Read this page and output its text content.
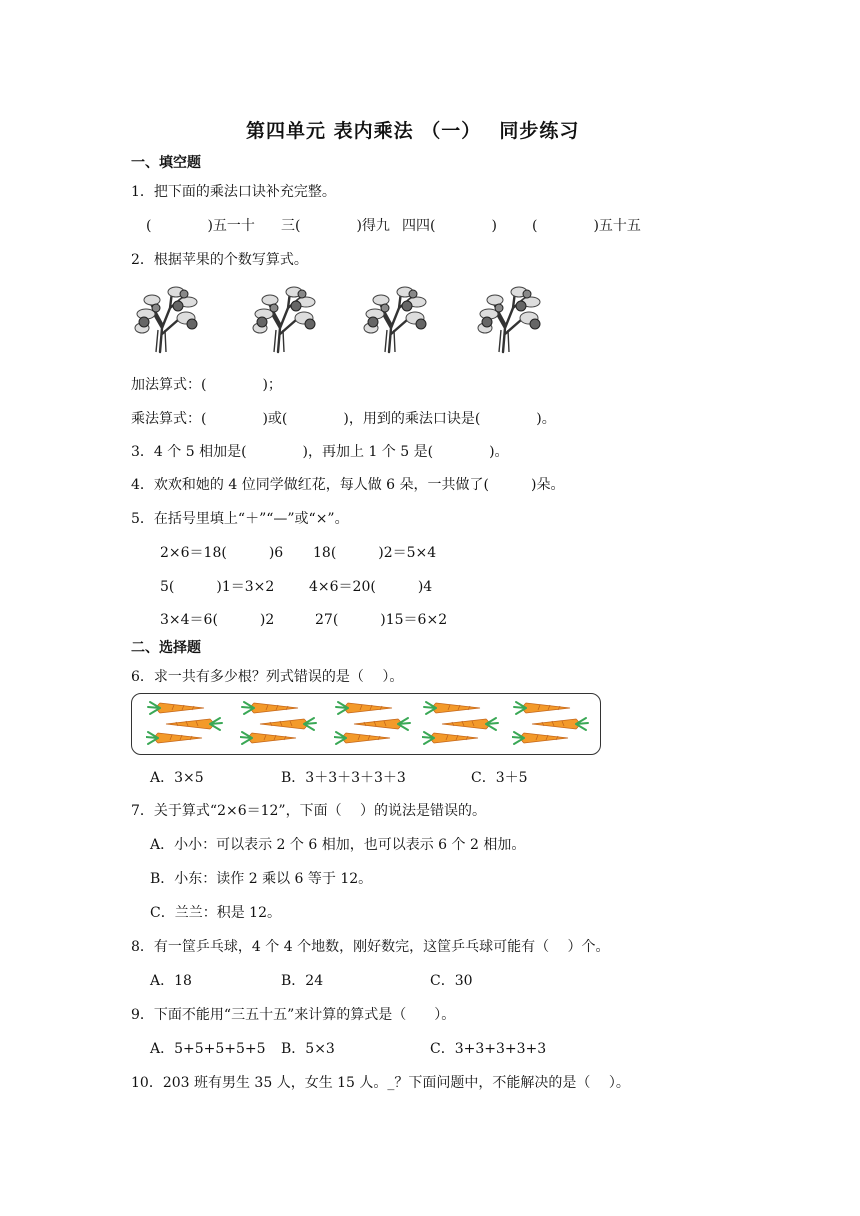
第四单元 表内乘法 （一）　 同步练习
一、填空题
1．把下面的乘法口诀补充完整。
(　　　　)五一十 三(　　　　)得九 四四(　　　　)	(　　　　)五十五
2．根据苹果的个数写算式。
加法算式：(　　　　)；
乘法算式：(　　　　)或(　　　　)，用到的乘法口诀是(　　　　)。
3．4 个 5 相加是(　　　　)，再加上 1 个 5 是(　　　　)。
4．欢欢和她的 4 位同学做红花，每人做 6 朵，一共做了(　　　)朵。
5．在括号里填上“＋”“—”或“×”。
2×6＝18(　　　)6 18(　　　)2＝5×4
5(　　　)1＝3×2 4×6＝20(　　　)4
3×4＝6(　　　)2	27(　　　)15＝6×2
二、选择题
6．求一共有多少根？列式错误的是（　 ）。
A．3×5	B．3＋3＋3＋3＋3	C．3＋5
7．关于算式“2×6＝12”，下面（　 ）的说法是错误的。
A．小小：可以表示 2 个 6 相加，也可以表示 6 个 2 相加。
B．小东：读作 2 乘以 6 等于 12。
C．兰兰：积是 12。
8．有一筐乒乓球，4 个 4 个地数，刚好数完，这筐乒乓球可能有（　 ）个。
A．18	B．24	C．30
9．下面不能用“三五十五”来计算的算式是（　　）。
A．5+5+5+5+5 B．5×3	C．3+3+3+3+3
10．203 班有男生 35 人，女生 15 人。_？下面问题中，不能解决的是（　 ）。
